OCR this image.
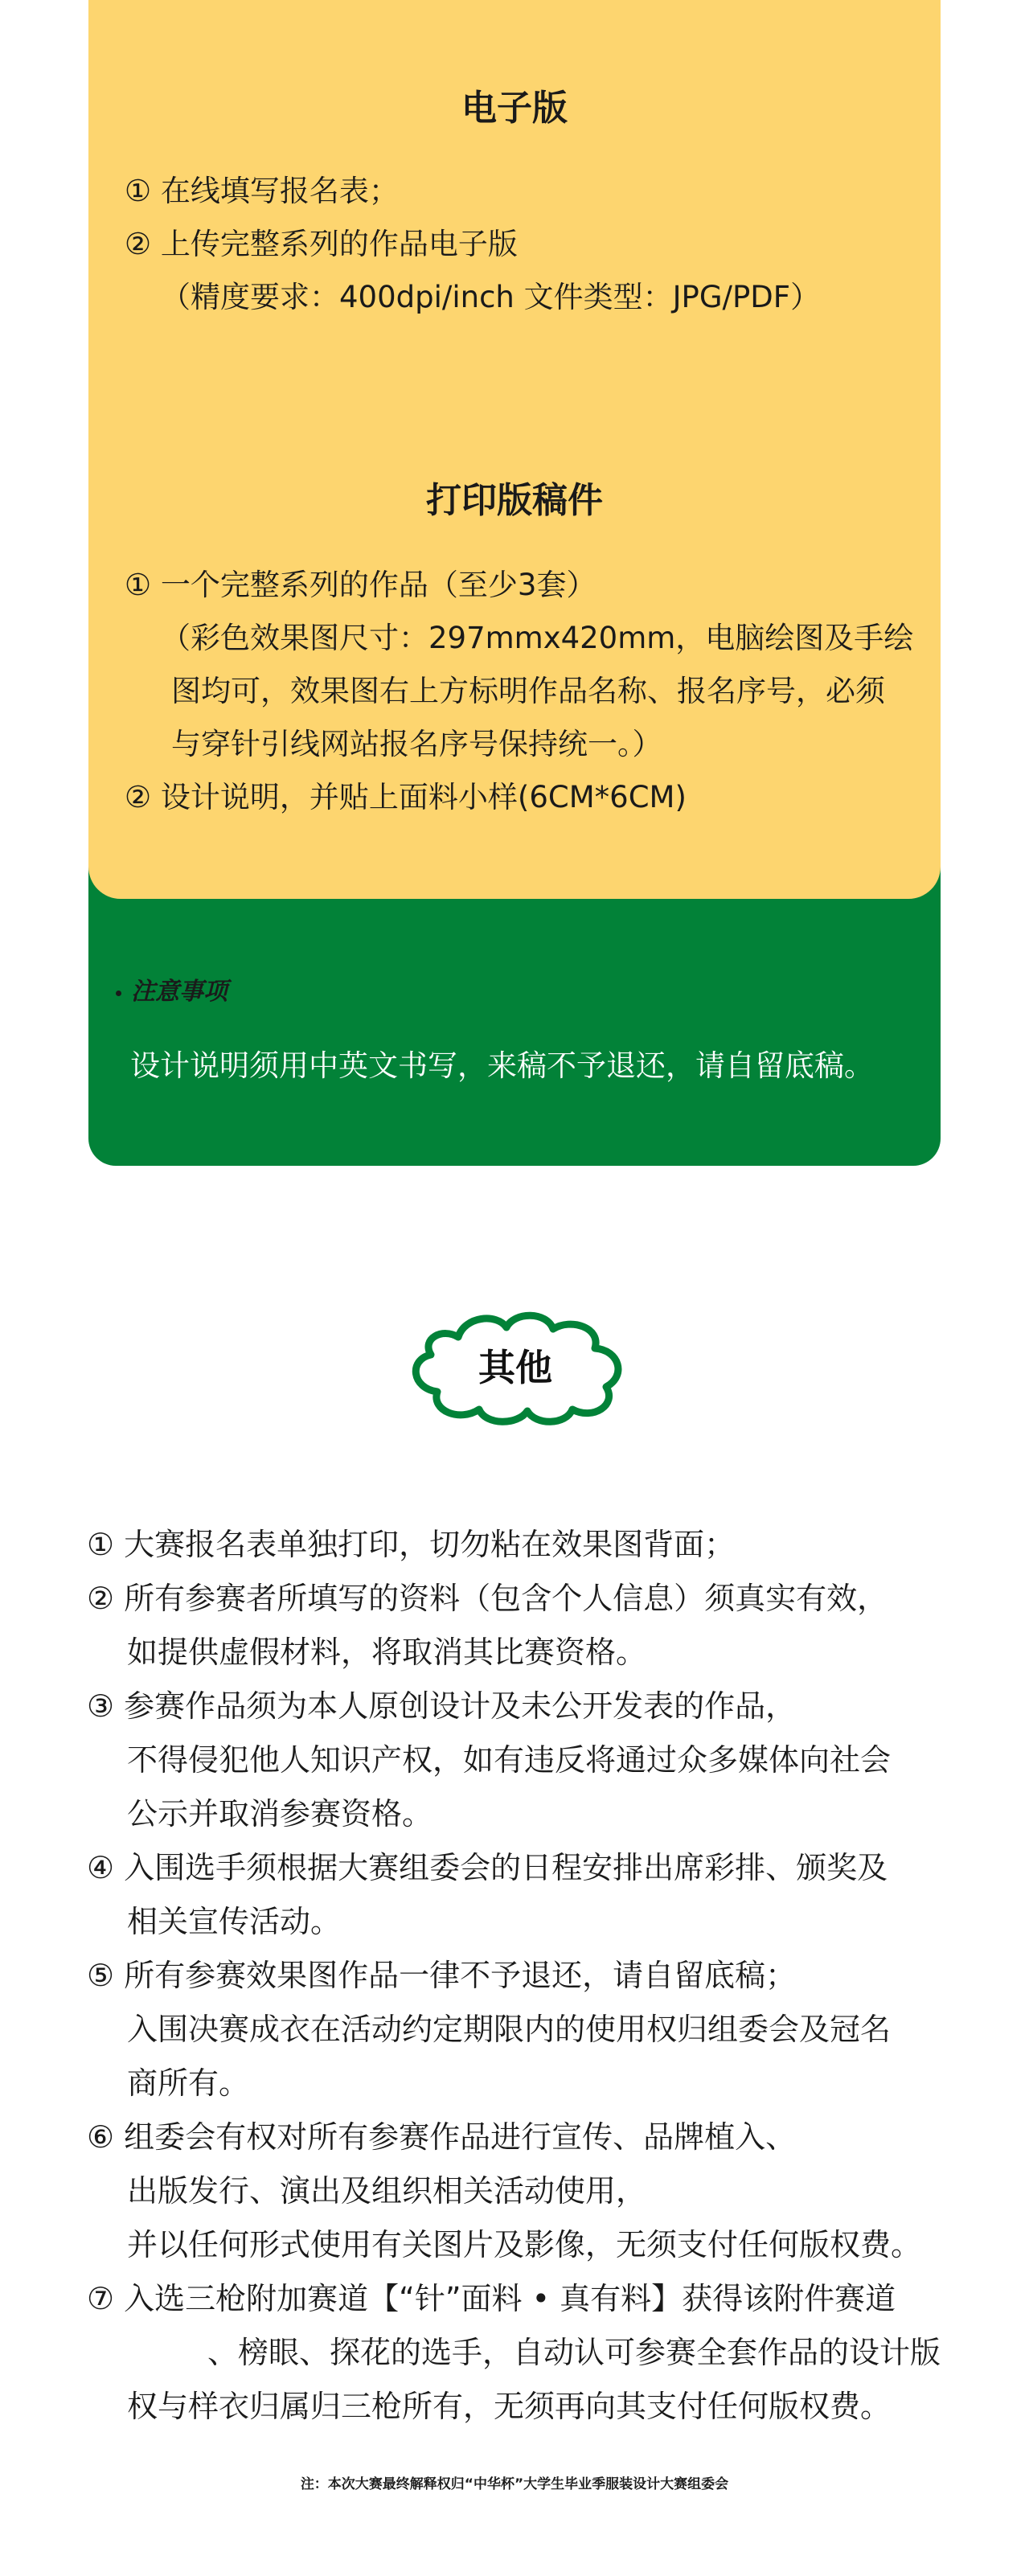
注意事项
设计说明须用中英文书写，来稿不予退还，请自留底稿。
电子版
① 在线填写报名表；
② 上传完整系列的作品电子版
（精度要求：400dpi/inch 文件类型：JPG/PDF）
打印版稿件
① 一个完整系列的作品（至少3套）
（彩色效果图尺寸：297mmx420mm，电脑绘图及手绘
图均可，效果图右上方标明作品名称、报名序号，必须
与穿针引线网站报名序号保持统一。）
② 设计说明，并贴上面料小样(6CM*6CM)
其他
① 大赛报名表单独打印，切勿粘在效果图背面；
② 所有参赛者所填写的资料（包含个人信息）须真实有效，
如提供虚假材料，将取消其比赛资格。
③ 参赛作品须为本人原创设计及未公开发表的作品，
不得侵犯他人知识产权，如有违反将通过众多媒体向社会
公示并取消参赛资格。
④ 入围选手须根据大赛组委会的日程安排出席彩排、颁奖及
相关宣传活动。
⑤ 所有参赛效果图作品一律不予退还，请自留底稿；
入围决赛成衣在活动约定期限内的使用权归组委会及冠名
商所有。
⑥ 组委会有权对所有参赛作品进行宣传、品牌植入、
出版发行、演出及组织相关活动使用，
并以任何形式使用有关图片及影像，无须支付任何版权费。
⑦ 入选三枪附加赛道【“针”面料 • 真有料】获得该附件赛道
、榜眼、探花的选手，自动认可参赛全套作品的设计版
权与样衣归属归三枪所有，无须再向其支付任何版权费。
注：本次大赛最终解释权归“中华杯”大学生毕业季服装设计大赛组委会
